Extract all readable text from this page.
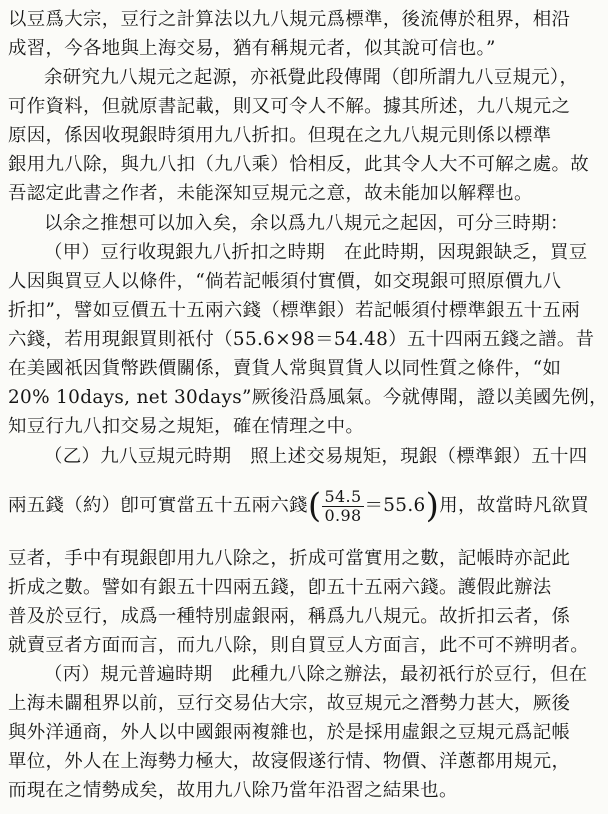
以豆爲大宗，豆行之計算法以九八規元爲標準，後流傳於租界，相沿
成習，今各地與上海交易，猶有稱規元者，似其說可信也。”
余研究九八規元之起源，亦祇覺此段傳聞（卽所謂九八豆規元），
可作資料，但就原書記載，則又可令人不解。據其所述，九八規元之
原因，係因收現銀時須用九八折扣。但現在之九八規元則係以標準
銀用九八除，與九八扣（九八乘）恰相反，此其令人大不可解之處。故
吾認定此書之作者，未能深知豆規元之意，故未能加以解釋也。
以余之推想可以加入矣，余以爲九八規元之起因，可分三時期：
（甲）豆行收現銀九八折扣之時期　在此時期，因現銀缺乏，買豆
人因與買豆人以條件，“倘若記帳須付實價，如交現銀可照原價九八
折扣”，譬如豆價五十五兩六錢（標準銀）若記帳須付標準銀五十五兩
六錢，若用現銀買則祇付（55.6×98＝54.48）五十四兩五錢之譜。昔
在美國祇因貨幣跌價關係，賣貨人常與買貨人以同性質之條件，“如
20% 10days, net 30days”厥後沿爲風氣。今就傳聞，證以美國先例，
知豆行九八扣交易之規矩，確在情理之中。
（乙）九八豆規元時期　照上述交易規矩，現銀（標準銀）五十四
兩五錢（約）卽可實當五十五兩六錢( $\frac{54.5}{0.98} =55.6$)用，故當時凡欲買
豆者，手中有現銀卽用九八除之，折成可當實用之數，記帳時亦記此
折成之數。譬如有銀五十四兩五錢，卽五十五兩六錢。護假此辦法
普及於豆行，成爲一種特別虛銀兩，稱爲九八規元。故折扣云者，係
就賣豆者方面而言，而九八除，則自買豆人方面言，此不可不辨明者。
（丙）規元普遍時期　此種九八除之辦法，最初祇行於豆行，但在
上海未闢租界以前，豆行交易佔大宗，故豆規元之潛勢力甚大，厥後
與外洋通商，外人以中國銀兩複雜也，於是採用虛銀之豆規元爲記帳
單位，外人在上海勢力極大，故寖假遂行情、物價、洋蔥都用規元，
而現在之情勢成矣，故用九八除乃當年沿習之結果也。
